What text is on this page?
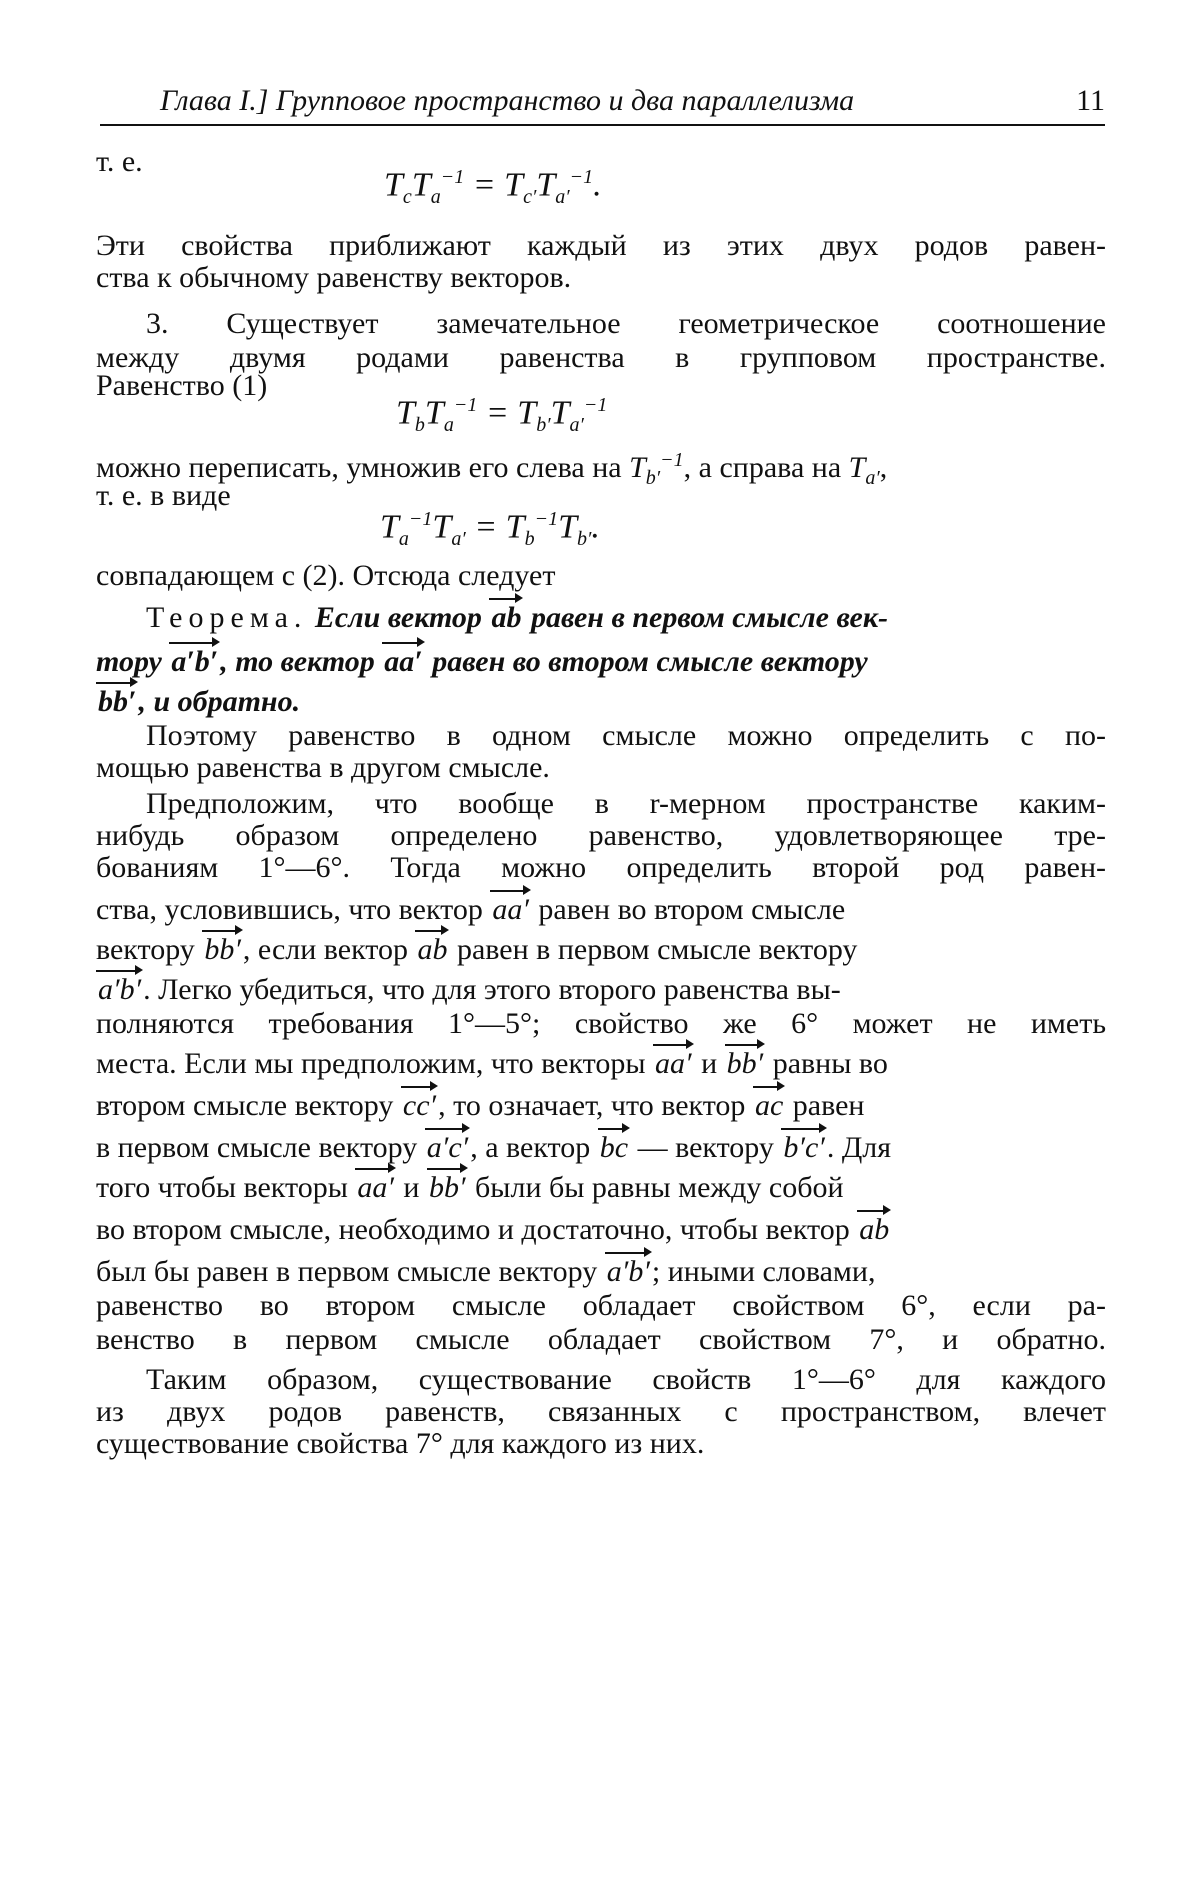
Глава I.] Групповое пространство и два параллелизма	11
т. е.
$T_cT_a^{-1} = T_{c'}T_{a'}^{-1}$.
Эти свойства приближают каждый из этих двух родов равен-
ства к обычному равенству векторов.
3. Существует замечательное геометрическое соотношение
между двумя родами равенства в групповом пространстве.
Равенство (1)
$T_bT_a^{-1} = T_{b'}T_{a'}^{-1}$
можно переписать, умножив его слева на $T_{b'}^{-1}$, а справа на $T_{a'}$,
т. е. в виде
$T_a^{-1}T_{a'} = T_b^{-1}T_{b'}$.
совпадающем с (2). Отсюда следует
Теорема. Если вектор ab равен в первом смысле век-
тору a′b′, то вектор aa′ равен во втором смысле вектору
bb′, и обратно.
Поэтому равенство в одном смысле можно определить с по-
мощью равенства в другом смысле.
Предположим, что вообще в r-мерном пространстве каким-
нибудь образом определено равенство, удовлетворяющее тре-
бованиям 1°—6°. Тогда можно определить второй род равен-
ства, условившись, что вектор aa′ равен во втором смысле
вектору bb′, если вектор ab равен в первом смысле вектору
a′b′. Легко убедиться, что для этого второго равенства вы-
полняются требования 1°—5°; свойство же 6° может не иметь
места. Если мы предположим, что векторы aa′ и bb′ равны во
втором смысле вектору cc′, то означает, что вектор ac равен
в первом смысле вектору a′c′, а вектор bc — вектору b′c′. Для
того чтобы векторы aa′ и bb′ были бы равны между собой
во втором смысле, необходимо и достаточно, чтобы вектор ab
был бы равен в первом смысле вектору a′b′; иными словами,
равенство во втором смысле обладает свойством 6°, если ра-
венство в первом смысле обладает свойством 7°, и обратно.
Таким образом, существование свойств 1°—6° для каждого
из двух родов равенств, связанных с пространством, влечет
существование свойства 7° для каждого из них.
